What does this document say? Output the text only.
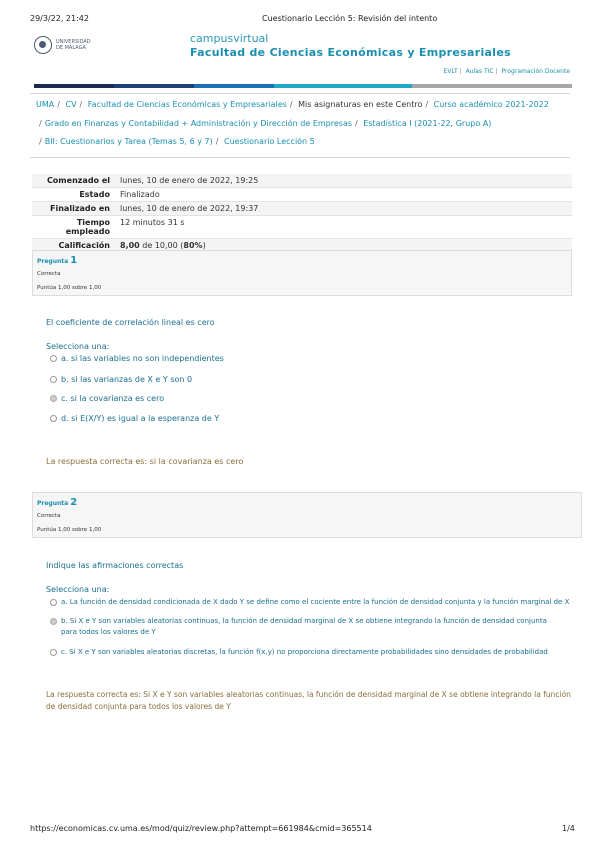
29/3/22, 21:42	Cuestionario Lección 5: Revisión del intento
UNIVERSIDAD DE MÁLAGA
campusvirtual
Facultad de Ciencias Económicas y Empresariales
EVLT | Aulas TIC | Programación Docente
UMA / CV / Facultad de Ciencias Económicas y Empresariales / Mis asignaturas en este Centro / Curso académico 2021-2022
/ Grado en Finanzas y Contabilidad + Administración y Dirección de Empresas / Estadística I (2021-22, Grupo A)
/ BII: Cuestionarios y Tarea (Temas 5, 6 y 7) / Cuestionario Lección 5
Comenzado el	lunes, 10 de enero de 2022, 19:25
Estado	Finalizado
Finalizado en	lunes, 10 de enero de 2022, 19:37
Tiempo empleado	12 minutos 31 s
Calificación	8,00 de 10,00 (80%)
Pregunta 1
Correcta
Puntúa 1,00 sobre 1,00
El coeficiente de correlación lineal es cero
Selecciona una:
a. si las variables no son independientes
b. si las varianzas de X e Y son 0
c. si la covarianza es cero
d. si E(X/Y) es igual a la esperanza de Y
La respuesta correcta es: si la covarianza es cero
Pregunta 2
Correcta
Puntúa 1,00 sobre 1,00
Indique las afirmaciones correctas
Selecciona una:
a. La función de densidad condicionada de X dado Y se define como el cociente entre la función de densidad conjunta y la función marginal de X
b. Si X e Y son variables aleatorias continuas, la función de densidad marginal de X se obtiene integrando la función de densidad conjunta para todos los valores de Y
c. Si X e Y son variables aleatorias discretas, la función f(x,y) no proporciona directamente probabilidades sino densidades de probabilidad
La respuesta correcta es: Si X e Y son variables aleatorias continuas, la función de densidad marginal de X se obtiene integrando la función de densidad conjunta para todos los valores de Y
https://economicas.cv.uma.es/mod/quiz/review.php?attempt=661984&cmid=365514	1/4
